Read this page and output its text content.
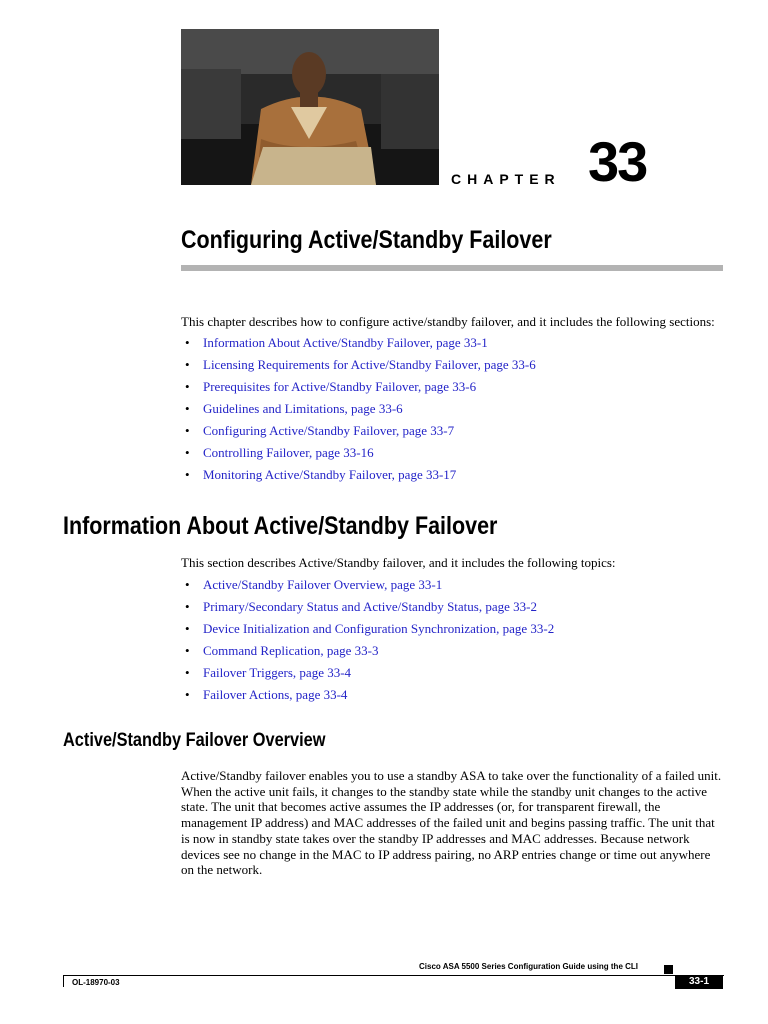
CHAPTER 33
Configuring Active/Standby Failover
This chapter describes how to configure active/standby failover, and it includes the following sections:
• Information About Active/Standby Failover, page 33-1
• Licensing Requirements for Active/Standby Failover, page 33-6
• Prerequisites for Active/Standby Failover, page 33-6
• Guidelines and Limitations, page 33-6
• Configuring Active/Standby Failover, page 33-7
• Controlling Failover, page 33-16
• Monitoring Active/Standby Failover, page 33-17
Information About Active/Standby Failover
This section describes Active/Standby failover, and it includes the following topics:
• Active/Standby Failover Overview, page 33-1
• Primary/Secondary Status and Active/Standby Status, page 33-2
• Device Initialization and Configuration Synchronization, page 33-2
• Command Replication, page 33-3
• Failover Triggers, page 33-4
• Failover Actions, page 33-4
Active/Standby Failover Overview
Active/Standby failover enables you to use a standby ASA to take over the functionality of a failed unit. When the active unit fails, it changes to the standby state while the standby unit changes to the active state. The unit that becomes active assumes the IP addresses (or, for transparent firewall, the management IP address) and MAC addresses of the failed unit and begins passing traffic. The unit that is now in standby state takes over the standby IP addresses and MAC addresses. Because network devices see no change in the MAC to IP address pairing, no ARP entries change or time out anywhere on the network.
Cisco ASA 5500 Series Configuration Guide using the CLI
OL-18970-03	33-1
